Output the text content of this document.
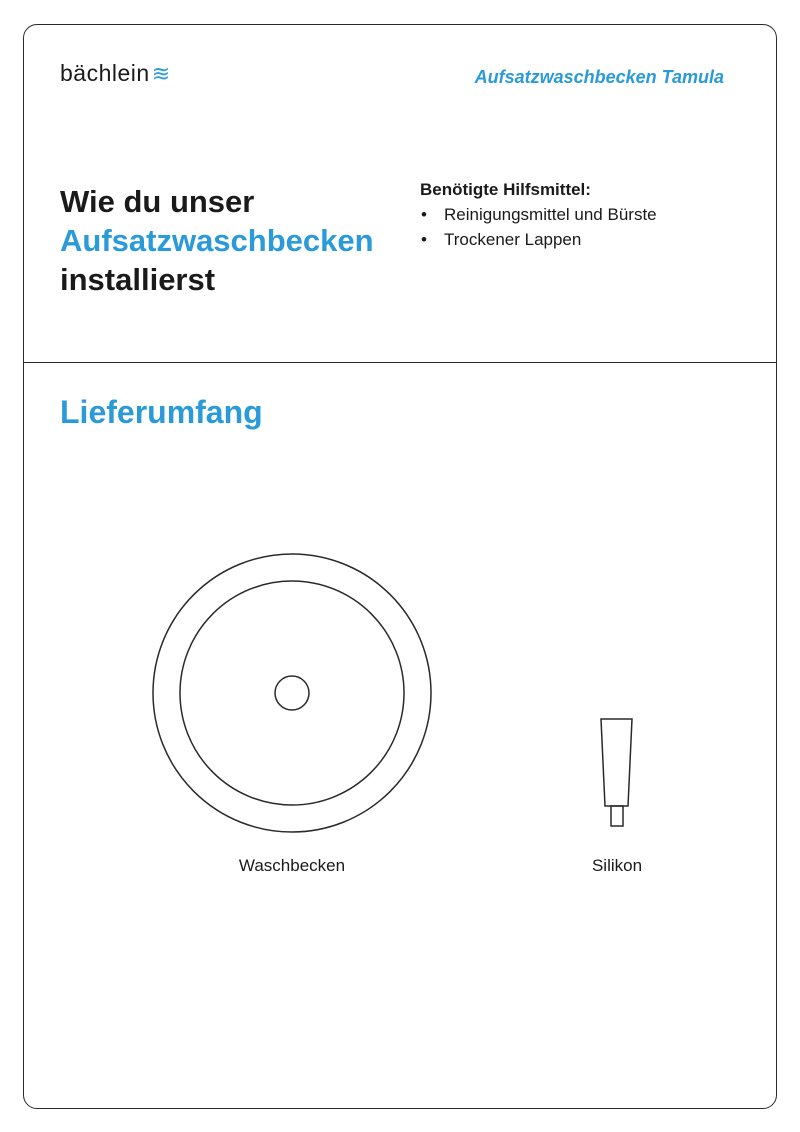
bächlein ≋	Aufsatzwaschbecken Tamula
Wie du unser
Aufsatzwaschbecken
installierst
Benötigte Hilfsmittel:
• Reinigungsmittel und Bürste
• Trockener Lappen
Lieferumfang
Waschbecken	Silikon
